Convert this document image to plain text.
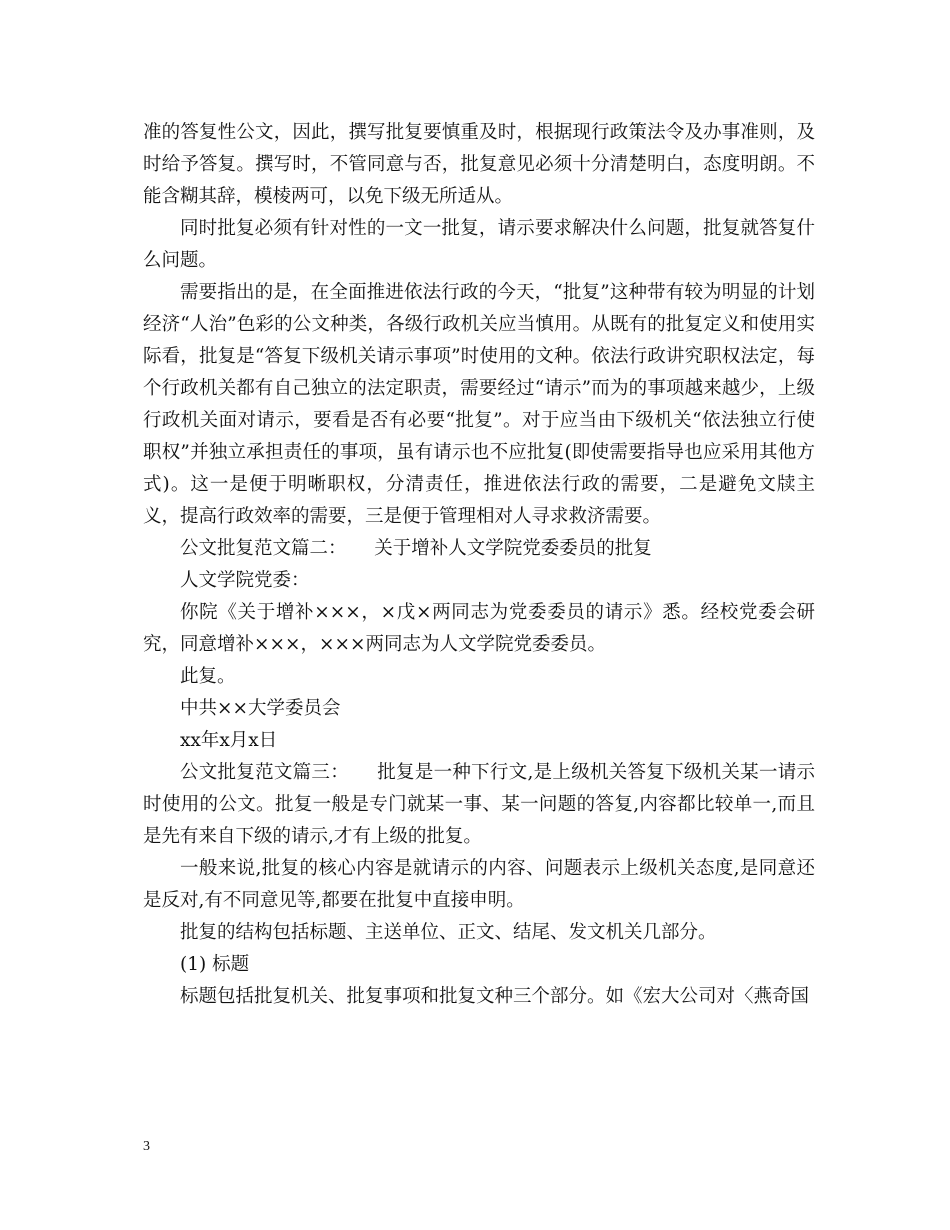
准的答复性公文，因此，撰写批复要慎重及时，根据现行政策法令及办事准则，及时给予答复。撰写时，不管同意与否，批复意见必须十分清楚明白，态度明朗。不能含糊其辞，模棱两可，以免下级无所适从。

同时批复必须有针对性的一文一批复，请示要求解决什么问题，批复就答复什么问题。

需要指出的是，在全面推进依法行政的今天，“批复”这种带有较为明显的计划经济“人治”色彩的公文种类，各级行政机关应当慎用。从既有的批复定义和使用实际看，批复是“答复下级机关请示事项”时使用的文种。依法行政讲究职权法定，每个行政机关都有自己独立的法定职责，需要经过“请示”而为的事项越来越少，上级行政机关面对请示，要看是否有必要“批复”。对于应当由下级机关“依法独立行使职权”并独立承担责任的事项，虽有请示也不应批复(即使需要指导也应采用其他方式)。这一是便于明晰职权，分清责任，推进依法行政的需要，二是避免文牍主义，提高行政效率的需要，三是便于管理相对人寻求救济需要。

公文批复范文篇二：　　关于增补人文学院党委委员的批复

人文学院党委：

你院《关于增补×××，×戊×两同志为党委委员的请示》悉。经校党委会研究，同意增补×××，×××两同志为人文学院党委委员。

此复。

中共××大学委员会

xx年x月x日

公文批复范文篇三：　　批复是一种下行文,是上级机关答复下级机关某一请示时使用的公文。批复一般是专门就某一事、某一问题的答复,内容都比较单一,而且是先有来自下级的请示,才有上级的批复。

一般来说,批复的核心内容是就请示的内容、问题表示上级机关态度,是同意还是反对,有不同意见等,都要在批复中直接申明。

批复的结构包括标题、主送单位、正文、结尾、发文机关几部分。

(1) 标题

标题包括批复机关、批复事项和批复文种三个部分。如《宏大公司对〈燕奇国

3
